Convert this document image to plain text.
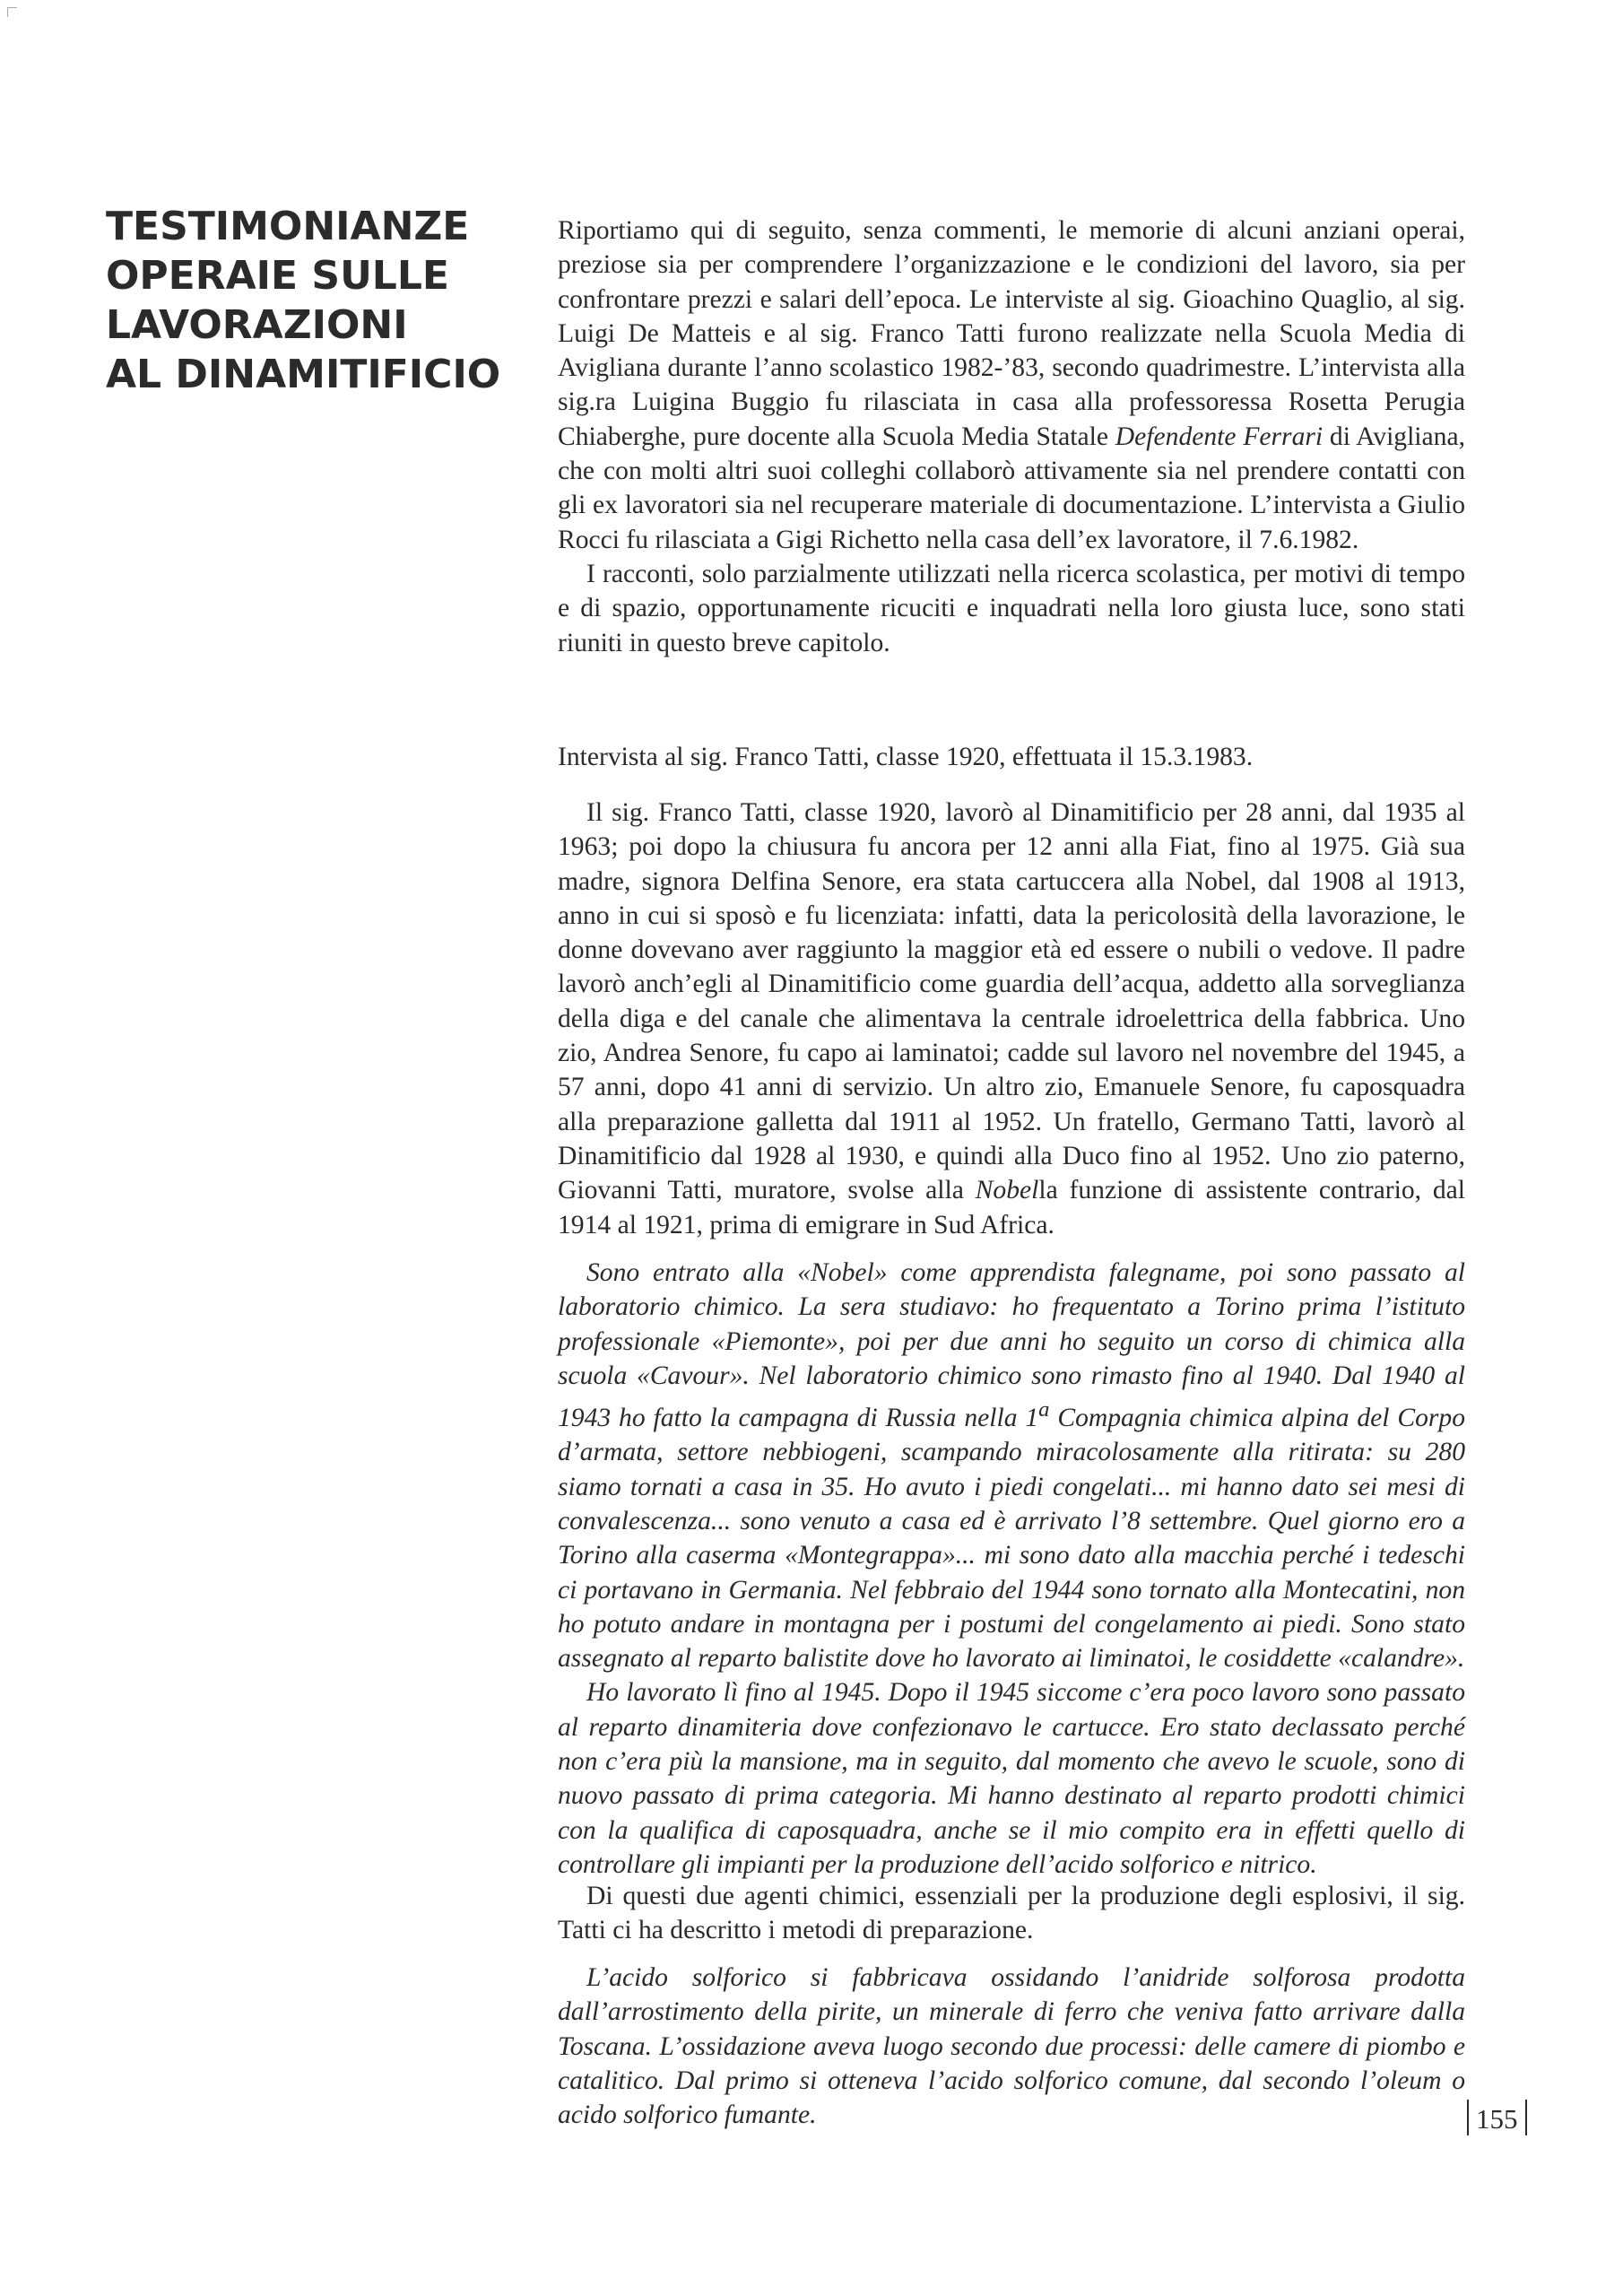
TESTIMONIANZE
OPERAIE SULLE
LAVORAZIONI
AL DINAMITIFICIO

Riportiamo qui di seguito, senza commenti, le memorie di alcuni anziani operai, preziose sia per comprendere l’organizzazione e le condizioni del lavoro, sia per confrontare prezzi e salari dell’epoca. Le interviste al sig. Gioachino Quaglio, al sig. Luigi De Matteis e al sig. Franco Tatti furono realizzate nella Scuola Media di Avigliana durante l’anno scolastico 1982-’83, secondo quadrimestre. L’intervista alla sig.ra Luigina Buggio fu rilasciata in casa alla professoressa Rosetta Perugia Chiaberghe, pure docente alla Scuola Media Statale Defendente Ferrari di Avigliana, che con molti altri suoi colleghi collaborò attivamente sia nel prendere contatti con gli ex lavoratori sia nel recuperare materiale di documentazione. L’intervista a Giulio Rocci fu rilasciata a Gigi Richetto nella casa dell’ex lavoratore, il 7.6.1982.

I racconti, solo parzialmente utilizzati nella ricerca scolastica, per motivi di tempo e di spazio, opportunamente ricuciti e inquadrati nella loro giusta luce, sono stati riuniti in questo breve capitolo.

Intervista al sig. Franco Tatti, classe 1920, effettuata il 15.3.1983.

Il sig. Franco Tatti, classe 1920, lavorò al Dinamitificio per 28 anni, dal 1935 al 1963; poi dopo la chiusura fu ancora per 12 anni alla Fiat, fino al 1975. Già sua madre, signora Delfina Senore, era stata cartuccera alla Nobel, dal 1908 al 1913, anno in cui si sposò e fu licenziata: infatti, data la pericolosità della lavorazione, le donne dovevano aver raggiunto la maggior età ed essere o nubili o vedove. Il padre lavorò anch’egli al Dinamitificio come guardia dell’acqua, addetto alla sorveglianza della diga e del canale che alimentava la centrale idroelettrica della fabbrica. Uno zio, Andrea Senore, fu capo ai laminatoi; cadde sul lavoro nel novembre del 1945, a 57 anni, dopo 41 anni di servizio. Un altro zio, Emanuele Senore, fu caposquadra alla preparazione galletta dal 1911 al 1952. Un fratello, Germano Tatti, lavorò al Dinamitificio dal 1928 al 1930, e quindi alla Duco fino al 1952. Uno zio paterno, Giovanni Tatti, muratore, svolse alla Nobella funzione di assistente contrario, dal 1914 al 1921, prima di emigrare in Sud Africa.

Sono entrato alla «Nobel» come apprendista falegname, poi sono passato al laboratorio chimico. La sera studiavo: ho frequentato a Torino prima l’istituto professionale «Piemonte», poi per due anni ho seguito un corso di chimica alla scuola «Cavour». Nel laboratorio chimico sono rimasto fino al 1940. Dal 1940 al 1943 ho fatto la campagna di Russia nella 1$^a$ Compagnia chimica alpina del Corpo d’armata, settore nebbiogeni, scampando miracolosamente alla ritirata: su 280 siamo tornati a casa in 35. Ho avuto i piedi congelati... mi hanno dato sei mesi di convalescenza... sono venuto a casa ed è arrivato l’8 settembre. Quel giorno ero a Torino alla caserma «Montegrappa»... mi sono dato alla macchia perché i tedeschi ci portavano in Germania. Nel febbraio del 1944 sono tornato alla Montecatini, non ho potuto andare in montagna per i postumi del congelamento ai piedi. Sono stato assegnato al reparto balistite dove ho lavorato ai liminatoi, le cosiddette «calandre».

Ho lavorato lì fino al 1945. Dopo il 1945 siccome c’era poco lavoro sono passato al reparto dinamiteria dove confezionavo le cartucce. Ero stato declassato perché non c’era più la mansione, ma in seguito, dal momento che avevo le scuole, sono di nuovo passato di prima categoria. Mi hanno destinato al reparto prodotti chimici con la qualifica di caposquadra, anche se il mio compito era in effetti quello di controllare gli impianti per la produzione dell’acido solforico e nitrico.

Di questi due agenti chimici, essenziali per la produzione degli esplosivi, il sig. Tatti ci ha descritto i metodi di preparazione.

L’acido solforico si fabbricava ossidando l’anidride solforosa prodotta dall’arrostimento della pirite, un minerale di ferro che veniva fatto arrivare dalla Toscana. L’ossidazione aveva luogo secondo due processi: delle camere di piombo e catalitico. Dal primo si otteneva l’acido solforico comune, dal secondo l’oleum o acido solforico fumante.	155
